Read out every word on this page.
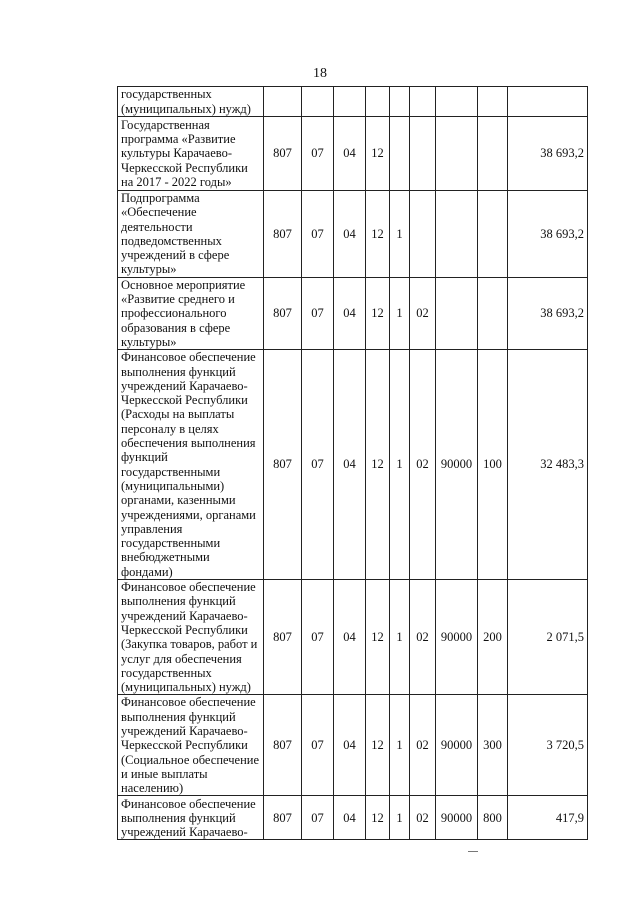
18
государственных (муниципальных) нужд)									
Государственная программа «Развитие культуры Карачаево-Черкесской Республики на 2017 - 2022 годы»	807	07	04	12					38 693,2
Подпрограмма «Обеспечение деятельности подведомственных учреждений в сфере культуры»	807	07	04	12	1				38 693,2
Основное мероприятие «Развитие среднего и профессионального образования в сфере культуры»	807	07	04	12	1	02			38 693,2
Финансовое обеспечение выполнения функций учреждений Карачаево-Черкесской Республики (Расходы на выплаты персоналу в целях обеспечения выполнения функций государственными (муниципальными) органами, казенными учреждениями, органами управления государственными внебюджетными фондами)	807	07	04	12	1	02	90000	100	32 483,3
Финансовое обеспечение выполнения функций учреждений Карачаево-Черкесской Республики (Закупка товаров, работ и услуг для обеспечения государственных (муниципальных) нужд)	807	07	04	12	1	02	90000	200	2 071,5
Финансовое обеспечение выполнения функций учреждений Карачаево-Черкесской Республики (Социальное обеспечение и иные выплаты населению)	807	07	04	12	1	02	90000	300	3 720,5
Финансовое обеспечение выполнения функций учреждений Карачаево-	807	07	04	12	1	02	90000	800	417,9
